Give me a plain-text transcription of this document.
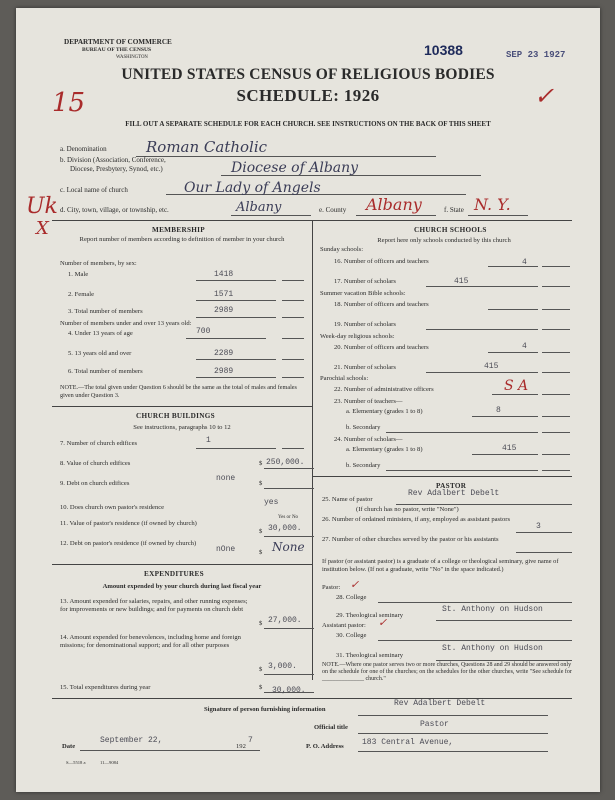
DEPARTMENT OF COMMERCE
BUREAU OF THE CENSUS
WASHINGTON	10388	SEP 23 1927
UNITED STATES CENSUS OF RELIGIOUS BODIES
SCHEDULE: 1926
FILL OUT A SEPARATE SCHEDULE FOR EACH CHURCH. SEE INSTRUCTIONS ON THE BACK OF THIS SHEET
15	✓
Uk
X
a. Denomination	Roman Catholic
b. Division (Association, Conference,
Diocese, Presbytery, Synod, etc.)	Diocese of Albany
c. Local name of church	Our Lady of Angels
d. City, town, village, or township, etc.	Albany	e. County Albany	f. State N. Y.
MEMBERSHIP
Report number of members according to definition of member in your church
Number of members, by sex:
1. Male	1418
2. Female	1571
3. Total number of members	2989
Number of members under and over 13 years old:
4. Under 13 years of age	700
5. 13 years old and over	2289
6. Total number of members	2989
NOTE.—The total given under Question 6 should be the same as the total of males and females given under Question 3.
CHURCH BUILDINGS
See instructions, paragraphs 10 to 12
7. Number of church edifices	1
8. Value of church edifices	$ 250,000.
9. Debt on church edifices	$
none
10. Does church own pastor's residence
yes
Yes or No
11. Value of pastor's residence (if owned by church)
$ 30,000.
12. Debt on pastor's residence (if owned by church)
nOne	$ None
EXPENDITURES
Amount expended by your church during last fiscal year
13. Amount expended for salaries, repairs, and other running expenses; for improvements or new buildings; and for payments on church debt
$ 27,000.
14. Amount expended for benevolences, including home and foreign missions; for denominational support; and for all other purposes
$ 3,000.
15. Total expenditures during year	$ 30,000.
CHURCH SCHOOLS
Report here only schools conducted by this church
Sunday schools:
16. Number of officers and teachers	4
17. Number of scholars	415
Summer vacation Bible schools:
18. Number of officers and teachers
19. Number of scholars
Week-day religious schools:
20. Number of officers and teachers	4
21. Number of scholars	415
Parochial schools:
22. Number of administrative officers	S A
23. Number of teachers—
a. Elementary (grades 1 to 8)	8
b. Secondary
24. Number of scholars—
a. Elementary (grades 1 to 8)	415
b. Secondary
PASTOR
25. Name of pastor
Rev Adalbert Debelt
(If church has no pastor, write "None")
26. Number of ordained ministers, if any, employed as assistant pastors
3
27. Number of other churches served by the pastor or his assistants
If pastor (or assistant pastor) is a graduate of a college or theological seminary, give name of institution below. (If not a graduate, write "No" in the space indicated.)
Pastor: ✓
28. College
29. Theological seminary
St. Anthony on Hudson
Assistant pastor: ✓
30. College
31. Theological seminary
St. Anthony on Hudson
NOTE.—Where one pastor serves two or more churches, Questions 28 and 29 should be answered only on the schedule for one of the churches; on the schedules for the other churches, write "See schedule for ______________ church."
Signature of person furnishing information
Rev Adalbert Debelt
Official title	Pastor
Date
September 22,
192
7
P. O. Address 183 Central Avenue,
S—5518 a	11—9084
